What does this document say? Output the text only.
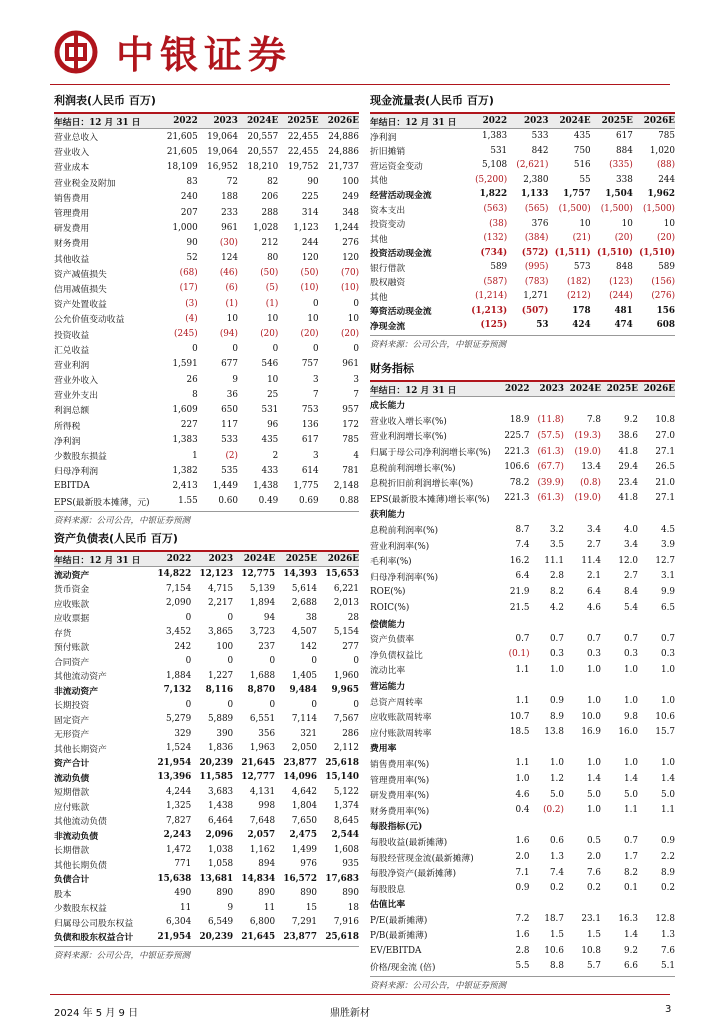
中银证券
利润表(人民币 百万)
年结日：12 月 31 日	2022	2023	2024E	2025E	2026E
营业总收入	21,605	19,064	20,557	22,455	24,886
营业收入	21,605	19,064	20,557	22,455	24,886
营业成本	18,109	16,952	18,210	19,752	21,737
营业税金及附加	83	72	82	90	100
销售费用	240	188	206	225	249
管理费用	207	233	288	314	348
研发费用	1,000	961	1,028	1,123	1,244
财务费用	90	(30)	212	244	276
其他收益	52	124	80	120	120
资产减值损失	(68)	(46)	(50)	(50)	(70)
信用减值损失	(17)	(6)	(5)	(10)	(10)
资产处置收益	(3)	(1)	(1)	0	0
公允价值变动收益	(4)	10	10	10	10
投资收益	(245)	(94)	(20)	(20)	(20)
汇兑收益	0	0	0	0	0
营业利润	1,591	677	546	757	961
营业外收入	26	9	10	3	3
营业外支出	8	36	25	7	7
利润总额	1,609	650	531	753	957
所得税	227	117	96	136	172
净利润	1,383	533	435	617	785
少数股东损益	1	(2)	2	3	4
归母净利润	1,382	535	433	614	781
EBITDA	2,413	1,449	1,438	1,775	2,148
EPS(最新股本摊薄，元)	1.55	0.60	0.49	0.69	0.88
资料来源：公司公告，中银证券预测
资产负债表(人民币 百万)
年结日：12 月 31 日	2022	2023	2024E	2025E	2026E
流动资产	14,822	12,123	12,775	14,393	15,653
货币资金	7,154	4,715	5,139	5,614	6,221
应收账款	2,090	2,217	1,894	2,688	2,013
应收票据	0	0	94	38	28
存货	3,452	3,865	3,723	4,507	5,154
预付账款	242	100	237	142	277
合同资产	0	0	0	0	0
其他流动资产	1,884	1,227	1,688	1,405	1,960
非流动资产	7,132	8,116	8,870	9,484	9,965
长期投资	0	0	0	0	0
固定资产	5,279	5,889	6,551	7,114	7,567
无形资产	329	390	356	321	286
其他长期资产	1,524	1,836	1,963	2,050	2,112
资产合计	21,954	20,239	21,645	23,877	25,618
流动负债	13,396	11,585	12,777	14,096	15,140
短期借款	4,244	3,683	4,131	4,642	5,122
应付账款	1,325	1,438	998	1,804	1,374
其他流动负债	7,827	6,464	7,648	7,650	8,645
非流动负债	2,243	2,096	2,057	2,475	2,544
长期借款	1,472	1,038	1,162	1,499	1,608
其他长期负债	771	1,058	894	976	935
负债合计	15,638	13,681	14,834	16,572	17,683
股本	490	890	890	890	890
少数股东权益	11	9	11	15	18
归属母公司股东权益	6,304	6,549	6,800	7,291	7,916
负债和股东权益合计	21,954	20,239	21,645	23,877	25,618
资料来源：公司公告，中银证券预测
现金流量表(人民币 百万)
年结日：12 月 31 日	2022	2023	2024E	2025E	2026E
净利润	1,383	533	435	617	785
折旧摊销	531	842	750	884	1,020
营运资金变动	5,108	(2,621)	516	(335)	(88)
其他	(5,200)	2,380	55	338	244
经营活动现金流	1,822	1,133	1,757	1,504	1,962
资本支出	(563)	(565)	(1,500)	(1,500)	(1,500)
投资变动	(38)	376	10	10	10
其他	(132)	(384)	(21)	(20)	(20)
投资活动现金流	(734)	(572)	(1,511)	(1,510)	(1,510)
银行借款	589	(995)	573	848	589
股权融资	(587)	(783)	(182)	(123)	(156)
其他	(1,214)	1,271	(212)	(244)	(276)
筹资活动现金流	(1,213)	(507)	178	481	156
净现金流	(125)	53	424	474	608
资料来源：公司公告，中银证券预测
财务指标
年结日：12 月 31 日	2022	2023	2024E	2025E	2026E
成长能力					
营业收入增长率(%)	18.9	(11.8)	7.8	9.2	10.8
营业利润增长率(%)	225.7	(57.5)	(19.3)	38.6	27.0
归属于母公司净利润增长率(%)	221.3	(61.3)	(19.0)	41.8	27.1
息税前利润增长率(%)	106.6	(67.7)	13.4	29.4	26.5
息税折旧前利润增长率(%)	78.2	(39.9)	(0.8)	23.4	21.0
EPS(最新股本摊薄)增长率(%)	221.3	(61.3)	(19.0)	41.8	27.1
获利能力					
息税前利润率(%)	8.7	3.2	3.4	4.0	4.5
营业利润率(%)	7.4	3.5	2.7	3.4	3.9
毛利率(%)	16.2	11.1	11.4	12.0	12.7
归母净利润率(%)	6.4	2.8	2.1	2.7	3.1
ROE(%)	21.9	8.2	6.4	8.4	9.9
ROIC(%)	21.5	4.2	4.6	5.4	6.5
偿债能力					
资产负债率	0.7	0.7	0.7	0.7	0.7
净负债权益比	(0.1)	0.3	0.3	0.3	0.3
流动比率	1.1	1.0	1.0	1.0	1.0
营运能力					
总资产周转率	1.1	0.9	1.0	1.0	1.0
应收账款周转率	10.7	8.9	10.0	9.8	10.6
应付账款周转率	18.5	13.8	16.9	16.0	15.7
费用率					
销售费用率(%)	1.1	1.0	1.0	1.0	1.0
管理费用率(%)	1.0	1.2	1.4	1.4	1.4
研发费用率(%)	4.6	5.0	5.0	5.0	5.0
财务费用率(%)	0.4	(0.2)	1.0	1.1	1.1
每股指标(元)					
每股收益(最新摊薄)	1.6	0.6	0.5	0.7	0.9
每股经营现金流(最新摊薄)	2.0	1.3	2.0	1.7	2.2
每股净资产(最新摊薄)	7.1	7.4	7.6	8.2	8.9
每股股息	0.9	0.2	0.2	0.1	0.2
估值比率					
P/E(最新摊薄)	7.2	18.7	23.1	16.3	12.8
P/B(最新摊薄)	1.6	1.5	1.5	1.4	1.3
EV/EBITDA	2.8	10.6	10.8	9.2	7.6
价格/现金流 (倍)	5.5	8.8	5.7	6.6	5.1
资料来源：公司公告，中银证券预测
2024 年 5 月 9 日	鼎胜新材	3
